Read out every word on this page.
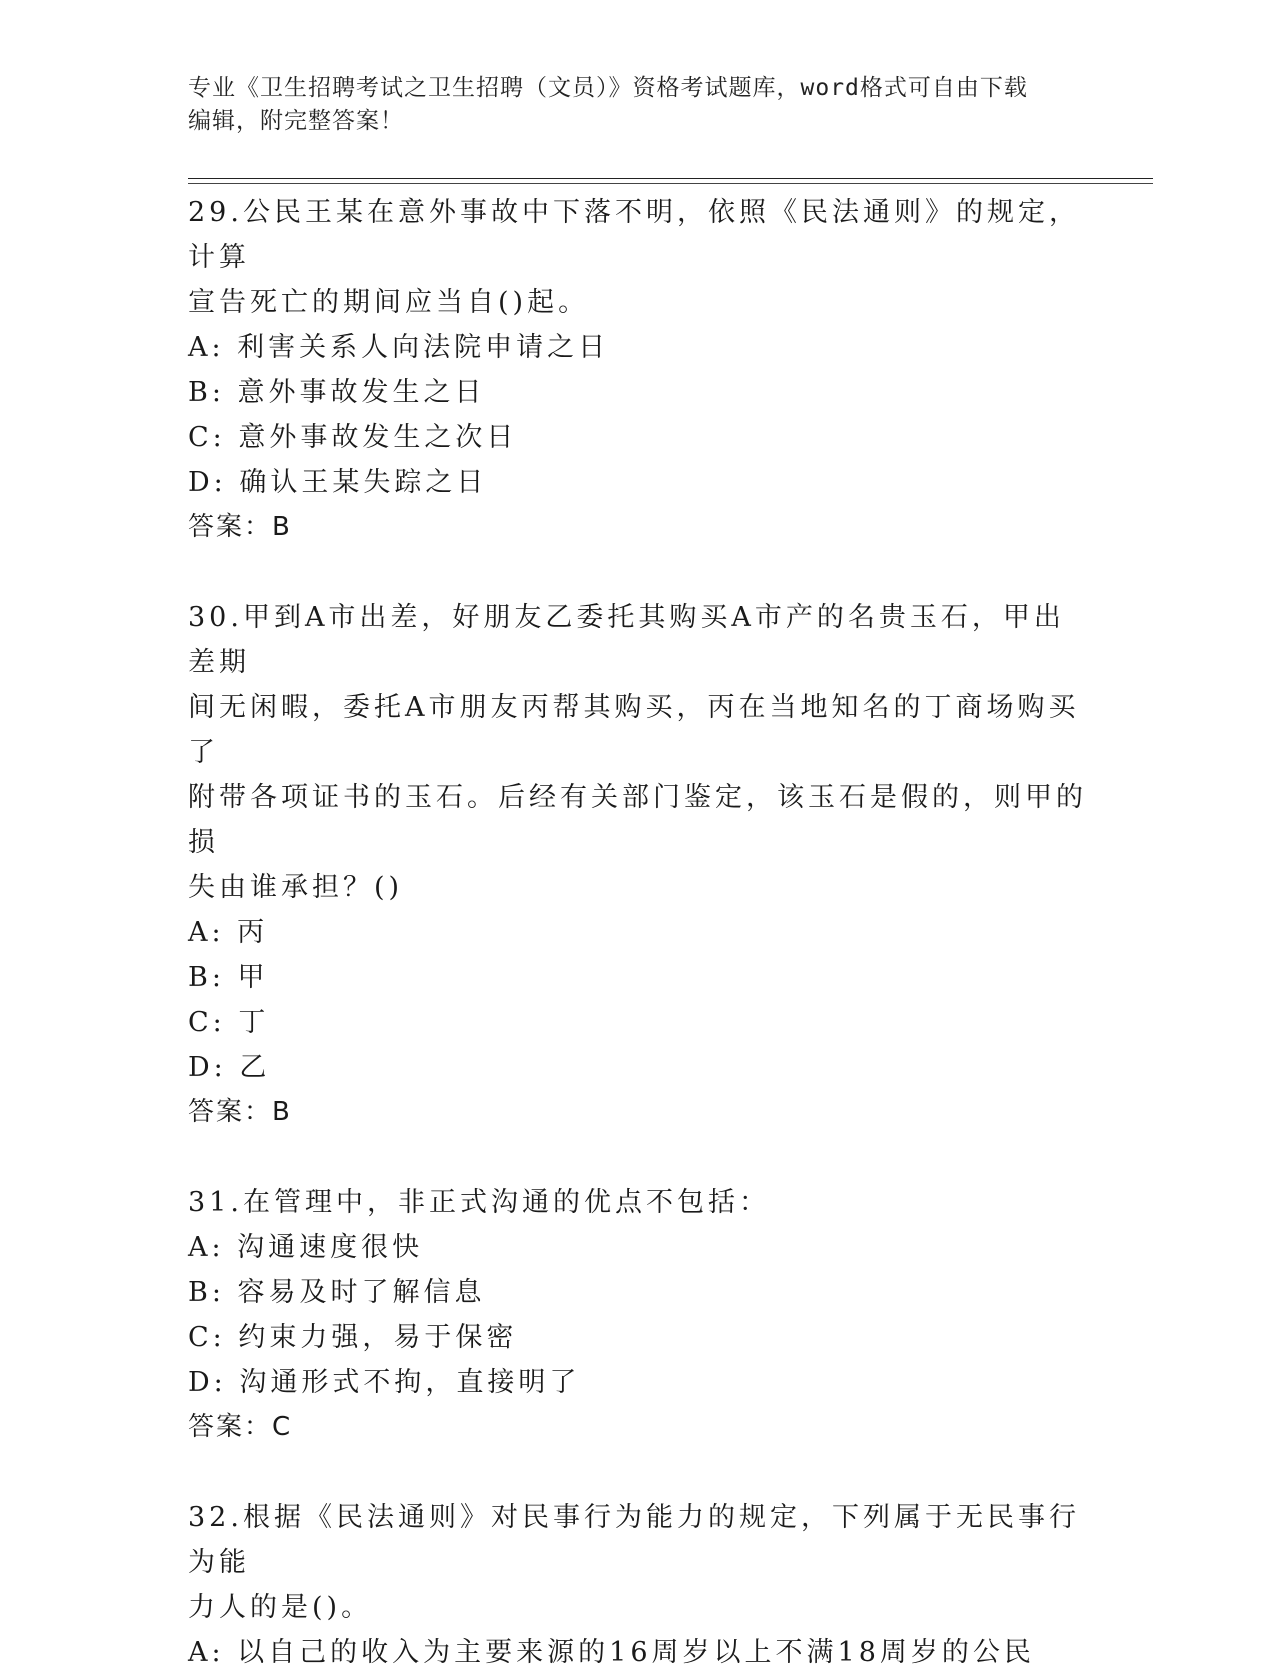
专业《卫生招聘考试之卫生招聘（文员）》资格考试题库，word格式可自由下载
编辑，附完整答案！

29.公民王某在意外事故中下落不明，依照《民法通则》的规定，计算

宣告死亡的期间应当自()起。

A: 利害关系人向法院申请之日

B: 意外事故发生之日

C: 意外事故发生之次日

D: 确认王某失踪之日

答案：B

30.甲到A市出差，好朋友乙委托其购买A市产的名贵玉石，甲出差期

间无闲暇，委托A市朋友丙帮其购买，丙在当地知名的丁商场购买了

附带各项证书的玉石。后经有关部门鉴定，该玉石是假的，则甲的损

失由谁承担？()

A: 丙

B: 甲

C: 丁

D: 乙

答案：B

31.在管理中，非正式沟通的优点不包括：

A: 沟通速度很快

B: 容易及时了解信息

C: 约束力强，易于保密

D: 沟通形式不拘，直接明了

答案：C

32.根据《民法通则》对民事行为能力的规定，下列属于无民事行为能

力人的是()。

A: 以自己的收入为主要来源的16周岁以上不满18周岁的公民
